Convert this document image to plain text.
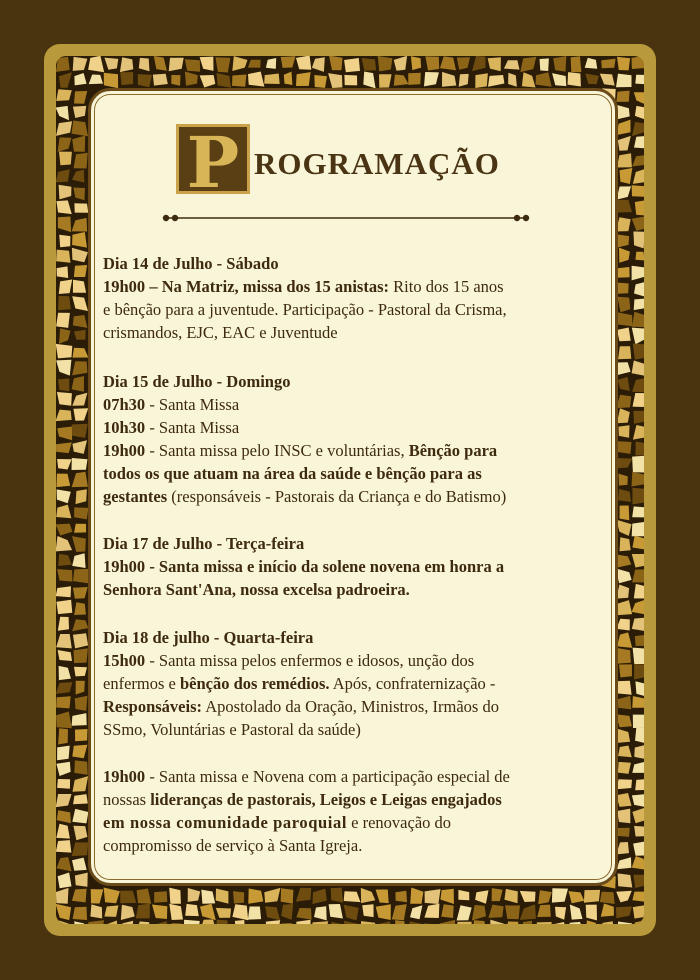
P ROGRAMAÇÃO

Dia 14 de Julho - Sábado

19h00 – Na Matriz, missa dos 15 anistas: Rito dos 15 anos

e bênção para a juventude. Participação - Pastoral da Crisma,

crismandos, EJC, EAC e Juventude

Dia 15 de Julho - Domingo

07h30 - Santa Missa

10h30 - Santa Missa

19h00 - Santa missa pelo INSC e voluntárias, Bênção para

todos os que atuam na área da saúde e bênção para as

gestantes (responsáveis - Pastorais da Criança e do Batismo)

Dia 17 de Julho - Terça-feira

19h00 - Santa missa e início da solene novena em honra a

Senhora Sant'Ana, nossa excelsa padroeira.

Dia 18 de julho - Quarta-feira

15h00 - Santa missa pelos enfermos e idosos, unção dos

enfermos e bênção dos remédios. Após, confraternização -

Responsáveis: Apostolado da Oração, Ministros, Irmãos do

SSmo, Voluntárias e Pastoral da saúde)

19h00 - Santa missa e Novena com a participação especial de

nossas lideranças de pastorais, Leigos e Leigas engajados

em nossa comunidade paroquial e renovação do

compromisso de serviço à Santa Igreja.
